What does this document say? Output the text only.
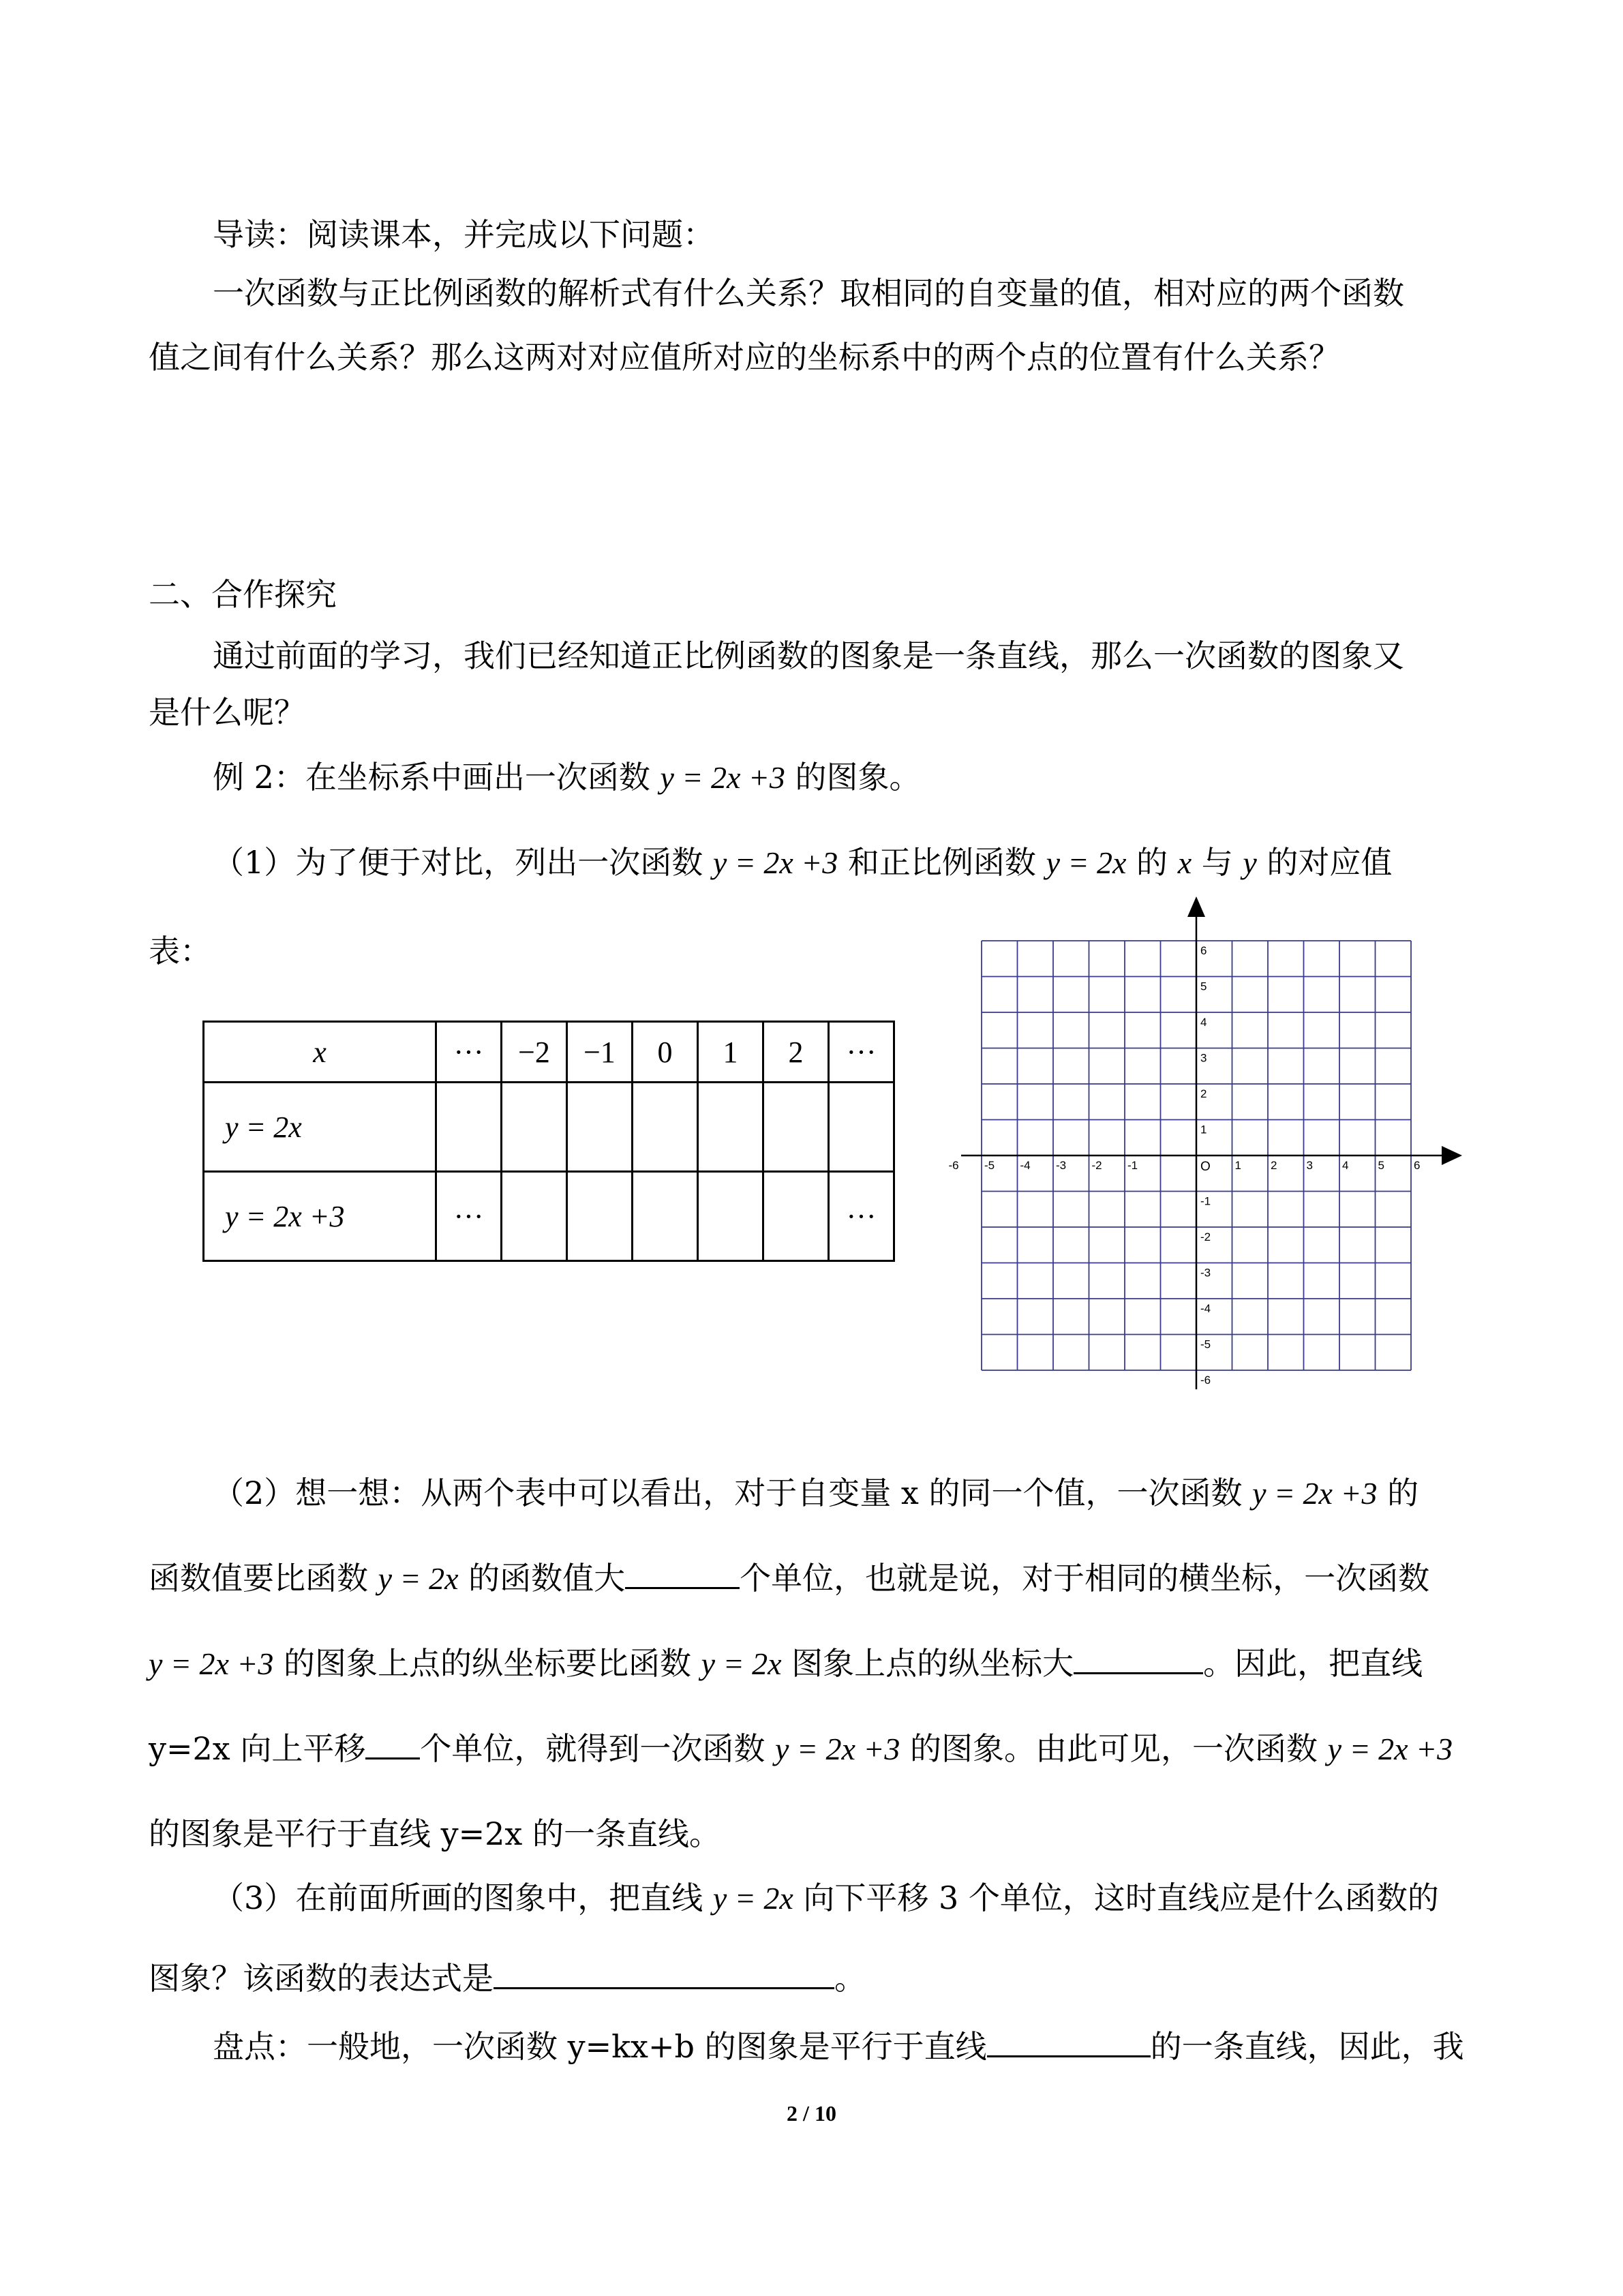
导读：阅读课本，并完成以下问题：
一次函数与正比例函数的解析式有什么关系？取相同的自变量的值，相对应的两个函数
值之间有什么关系？那么这两对对应值所对应的坐标系中的两个点的位置有什么关系？
二、合作探究
通过前面的学习，我们已经知道正比例函数的图象是一条直线，那么一次函数的图象又
是什么呢？
例 2：在坐标系中画出一次函数 y = 2x +3 的图象。
（1）为了便于对比，列出一次函数 y = 2x +3 和正比例函数 y = 2x 的 x 与 y 的对应值
表：
x	···	−2	−1	0	1	2	···
y = 2x							
y = 2x +3	···						···
-6 -5 -4 -3 -2 -1	1	2	3	4	5	6
6
5
4
3
2
1
-1
-2
-3
-4
-5
-6
O
（2）想一想：从两个表中可以看出，对于自变量 x 的同一个值，一次函数 y = 2x +3 的
函数值要比函数 y = 2x 的函数值大	个单位，也就是说，对于相同的横坐标，一次函数
y = 2x +3 的图象上点的纵坐标要比函数 y = 2x 图象上点的纵坐标大	。因此，把直线
y=2x 向上平移 个单位，就得到一次函数 y = 2x +3 的图象。由此可见，一次函数 y = 2x +3
的图象是平行于直线 y=2x 的一条直线。
（3）在前面所画的图象中，把直线 y = 2x 向下平移 3 个单位，这时直线应是什么函数的
图象？该函数的表达式是	。
盘点：一般地，一次函数 y=kx+b 的图象是平行于直线	的一条直线，因此，我
2 / 10
